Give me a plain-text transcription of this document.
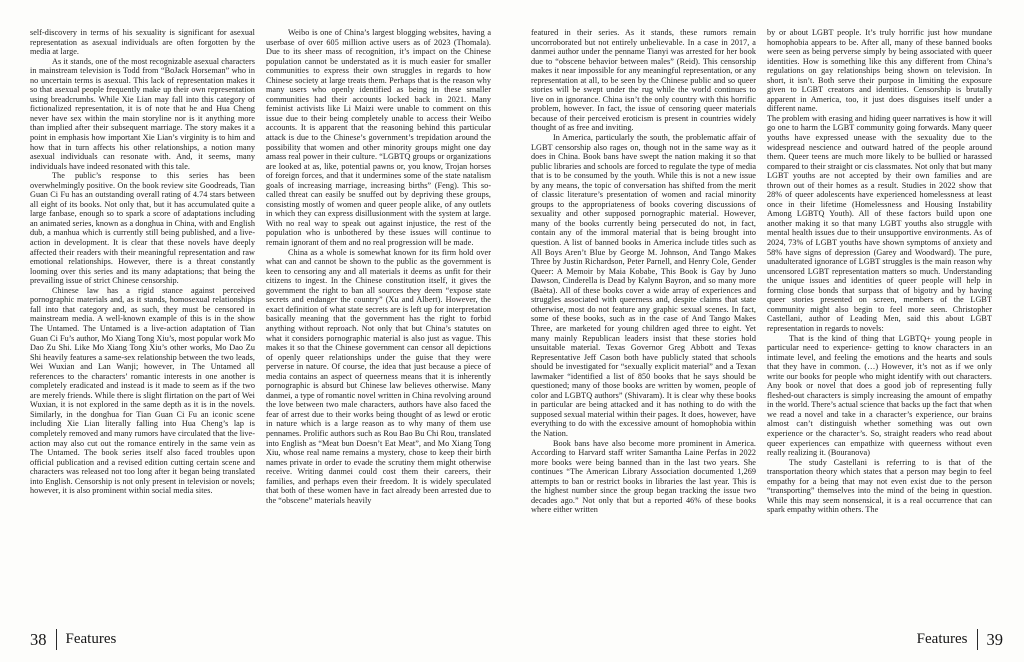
self-discovery in terms of his sexuality is significant for asexual representation as asexual individuals are often forgotten by the media at large.

As it stands, one of the most recognizable asexual characters in mainstream television is Todd from “BoJack Horseman” who in no uncertain terms is asexual. This lack of representation makes it so that asexual people frequently make up their own representation using breadcrumbs. While Xie Lian may fall into this category of fictionalized representation, it is of note that he and Hua Cheng never have sex within the main storyline nor is it anything more than implied after their subsequent marriage. The story makes it a point in emphasis how important Xie Lian’s virginity is to him and how that in turn affects his other relationships, a notion many asexual individuals can resonate with. And, it seems, many individuals have indeed resonated with this tale.

The public’s response to this series has been overwhelmingly positive. On the book review site Goodreads, Tian Guan Ci Fu has an outstanding overall rating of 4.74 stars between all eight of its books. Not only that, but it has accumulated quite a large fanbase, enough so to spark a score of adaptations including an animated series, known as a donghua in China, with and English dub, a manhua which is currently still being published, and a live-action in development. It is clear that these novels have deeply affected their readers with their meaningful representation and raw emotional relationships. However, there is a threat constantly looming over this series and its many adaptations; that being the prevailing issue of strict Chinese censorship.

Chinese law has a rigid stance against perceived pornographic materials and, as it stands, homosexual relationships fall into that category and, as such, they must be censored in mainstream media. A well-known example of this is in the show The Untamed. The Untamed is a live-action adaptation of Tian Guan Ci Fu’s author, Mo Xiang Tong Xiu’s, most popular work Mo Dao Zu Shi. Like Mo Xiang Tong Xiu’s other works, Mo Dao Zu Shi heavily features a same-sex relationship between the two leads, Wei Wuxian and Lan Wanji; however, in The Untamed all references to the characters’ romantic interests in one another is completely eradicated and instead is it made to seem as if the two are merely friends. While there is slight flirtation on the part of Wei Wuxian, it is not explored in the same depth as it is in the novels. Similarly, in the donghua for Tian Guan Ci Fu an iconic scene including Xie Lian literally falling into Hua Cheng’s lap is completely removed and many rumors have circulated that the live-action may also cut out the romance entirely in the same vein as The Untamed. The book series itself also faced troubles upon official publication and a revised edition cutting certain scene and characters was released not too long after it began being translated into English. Censorship is not only present in television or novels; however, it is also prominent within social media sites.

Weibo is one of China’s largest blogging websites, having a userbase of over 605 million active users as of 2023 (Thomala). Due to its sheer mass of recognition, it’s impact on the Chinese population cannot be understated as it is much easier for smaller communities to express their own struggles in regards to how Chinese society at large treats them. Perhaps that is the reason why many users who openly identified as being in these smaller communities had their accounts locked back in 2021. Many feminist activists like Li Maizi were unable to comment on this issue due to their being completely unable to access their Weibo accounts. It is apparent that the reasoning behind this particular attack is due to the Chinese’s government’s trepidation around the possibility that women and other minority groups might one day amass real power in their culture. “LGBTQ groups or organizations are looked at as, like, potential pawns or, you know, Trojan horses of foreign forces, and that it undermines some of the state natalism goals of increasing marriage, increasing births” (Feng). This so-called threat can easily be snuffed out by depriving these groups, consisting mostly of women and queer people alike, of any outlets in which they can express disillusionment with the system at large. With no real way to speak out against injustice, the rest of the population who is unbothered by these issues will continue to remain ignorant of them and no real progression will be made.

China as a whole is somewhat known for its firm hold over what can and cannot be shown to the public as the government is keen to censoring any and all materials it deems as unfit for their citizens to ingest. In the Chinese constitution itself, it gives the government the right to ban all sources they deem “expose state secrets and endanger the country” (Xu and Albert). However, the exact definition of what state secrets are is left up for interpretation basically meaning that the government has the right to forbid anything without reproach. Not only that but China’s statutes on what it considers pornographic material is also just as vague. This makes it so that the Chinese government can censor all depictions of openly queer relationships under the guise that they were perverse in nature. Of course, the idea that just because a piece of media contains an aspect of queerness means that it is inherently pornographic is absurd but Chinese law believes otherwise. Many danmei, a type of romantic novel written in China revolving around the love between two male characters, authors have also faced the fear of arrest due to their works being thought of as lewd or erotic in nature which is a large reason as to why many of them use pennames. Prolific authors such as Rou Bao Bu Chi Rou, translated into English as “Meat bun Doesn’t Eat Meat”, and Mo Xiang Tong Xiu, whose real name remains a mystery, chose to keep their birth names private in order to evade the scrutiny them might otherwise receive. Writing danmei could cost them their careers, their families, and perhaps even their freedom. It is widely speculated that both of these women have in fact already been arrested due to the “obscene” materials heavily

featured in their series. As it stands, these rumors remain uncorroborated but not entirely unbelievable. In a case in 2017, a danmei author under the penname Tianyi was arrested for her book due to “obscene behavior between males” (Reid). This censorship makes it near impossible for any meaningful representation, or any representation at all, to be seen by the Chinese public and so queer stories will be swept under the rug while the world continues to live on in ignorance. China isn’t the only country with this horrific problem, however. In fact, the issue of censoring queer materials because of their perceived eroticism is present in countries widely thought of as free and inviting.

In America, particularly the south, the problematic affair of LGBT censorship also rages on, though not in the same way as it does in China. Book bans have swept the nation making it so that public libraries and schools are forced to regulate the type of media that is to be consumed by the youth. While this is not a new issue by any means, the topic of conversation has shifted from the merit of classic literature’s presentation of women and racial minority groups to the appropriateness of books covering discussions of sexuality and other supposed pornographic material. However, many of the books currently being persecuted do not, in fact, contain any of the immoral material that is being brought into question. A list of banned books in America include titles such as All Boys Aren’t Blue by George M. Johnson, And Tango Makes Three by Justin Richardson, Peter Parnell, and Henry Cole, Gender Queer: A Memoir by Maia Kobabe, This Book is Gay by Juno Dawson, Cinderella is Dead by Kalynn Bayron, and so many more (Baèta). All of these books cover a wide array of experiences and struggles associated with queerness and, despite claims that state otherwise, most do not feature any graphic sexual scenes. In fact, some of these books, such as in the case of And Tango Makes Three, are marketed for young children aged three to eight. Yet many mainly Republican leaders insist that these stories hold unsuitable material. Texas Governor Greg Abbott and Texas Representative Jeff Cason both have publicly stated that schools should be investigated for “sexually explicit material” and a Texan lawmaker “identified a list of 850 books that he says should be questioned; many of those books are written by women, people of color and LGBTQ authors” (Shivaram). It is clear why these books in particular are being attacked and it has nothing to do with the supposed sexual material within their pages. It does, however, have everything to do with the excessive amount of homophobia within the Nation.

Book bans have also become more prominent in America. According to Harvard staff writer Samantha Laine Perfas in 2022 more books were being banned than in the last two years. She continues “The American Library Association documented 1,269 attempts to ban or restrict books in libraries the last year. This is the highest number since the group began tracking the issue two decades ago.” Not only that but a reported 46% of these books where either written

by or about LGBT people. It’s truly horrific just how mundane homophobia appears to be. After all, many of these banned books were seen as being perverse simply by being associated with queer identities. How is something like this any different from China’s regulations on gay relationships being shown on television. In short, it isn’t. Both serve their purpose in limiting the exposure given to LGBT creators and identities. Censorship is brutally apparent in America, too, it just does disguises itself under a different name.

The problem with erasing and hiding queer narratives is how it will go one to harm the LGBT community going forwards. Many queer youths have expressed unease with the sexuality due to the widespread nescience and outward hatred of the people around them. Queer teens are much more likely to be bullied or harassed compared to their straight or cis classmates. Not only that but many LGBT youths are not accepted by their own families and are thrown out of their homes as a result. Studies in 2022 show that 28% of queer adolescents have experienced homelessness at least once in their lifetime (Homelessness and Housing Instability Among LGBTQ Youth). All of these factors build upon one another making it so that many LGBT youths also struggle with mental health issues due to their unsupportive environments. As of 2024, 73% of LGBT youths have shown symptoms of anxiety and 58% have signs of depression (Garey and Woodward). The pure, unadulterated ignorance of LGBT struggles is the main reason why uncensored LGBT representation matters so much. Understanding the unique issues and identities of queer people will help in forming close bonds that surpass that of bigotry and by having queer stories presented on screen, members of the LGBT community might also begin to feel more seen. Christopher Castellani, author of Leading Men, said this about LGBT representation in regards to novels:

That is the kind of thing that LGBTQ+ young people in particular need to experience- getting to know characters in an intimate level, and feeling the emotions and the hearts and souls that they have in common. (…) However, it’s not as if we only write our books for people who might identify with out characters. Any book or novel that does a good job of representing fully fleshed-out characters is simply increasing the amount of empathy in the world. There’s actual science that backs up the fact that when we read a novel and take in a character’s experience, our brains almost can’t distinguish whether something was out own experience or the character’s. So, straight readers who read about queer experiences can empathize with queerness without even really realizing it. (Bouranova)

The study Castellani is referring to is that of the transportation theory which states that a person may begin to feel empathy for a being that may not even exist due to the person “transporting” themselves into the mind of the being in question. While this may seem nonsensical, it is a real occurrence that can spark empathy within others. The

38 Features	Features 39
